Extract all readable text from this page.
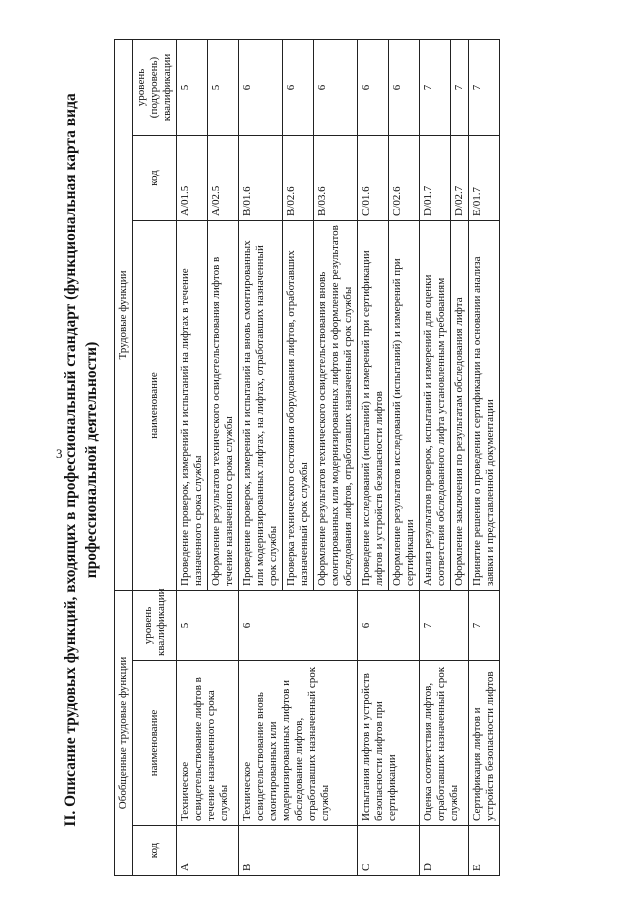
3 II. Описание трудовых функций, входящих в профессиональный стандарт (функциональная карта вида профессиональной деятельности)
Обобщенные трудовые функции			Трудовые функции		
код	наименование	уровень квалификации	наименование	код	уровень (подуровень) квалификации
A	Техническое освидетельствование лифтов в течение назначенного срока службы	5	Проведение проверок, измерений и испытаний на лифтах в течение назначенного срока службы	A/01.5	5
			Оформление результатов технического освидетельствования лифтов в течение назначенного срока службы	A/02.5	5
B	Техническое освидетельствование вновь смонтированных или модернизированных лифтов и обследование лифтов, отработавших назначенный срок службы	6	Проведение проверок, измерений и испытаний на вновь смонтированных или модернизированных лифтах, на лифтах, отработавших назначенный срок службы	B/01.6	6
			Проверка технического состояния оборудования лифтов, отработавших назначенный срок службы	B/02.6	6
			Оформление результатов технического освидетельствования вновь смонтированных или модернизированных лифтов и оформление результатов обследования лифтов, отработавших назначенный срок службы	B/03.6	6
C	Испытания лифтов и устройств безопасности лифтов при сертификации	6	Проведение исследований (испытаний) и измерений при сертификации лифтов и устройств безопасности лифтов	C/01.6	6
			Оформление результатов исследований (испытаний) и измерений при сертификации	C/02.6	6
D	Оценка соответствия лифтов, отработавших назначенный срок службы	7	Анализ результатов проверок, испытаний и измерений для оценки соответствия обследованного лифта установленным требованиям	D/01.7	7
			Оформление заключения по результатам обследования лифта	D/02.7	7
E	Сертификация лифтов и устройств безопасности лифтов	7	Принятие решения о проведении сертификации на основании анализа заявки и представленной документации	E/01.7	7
